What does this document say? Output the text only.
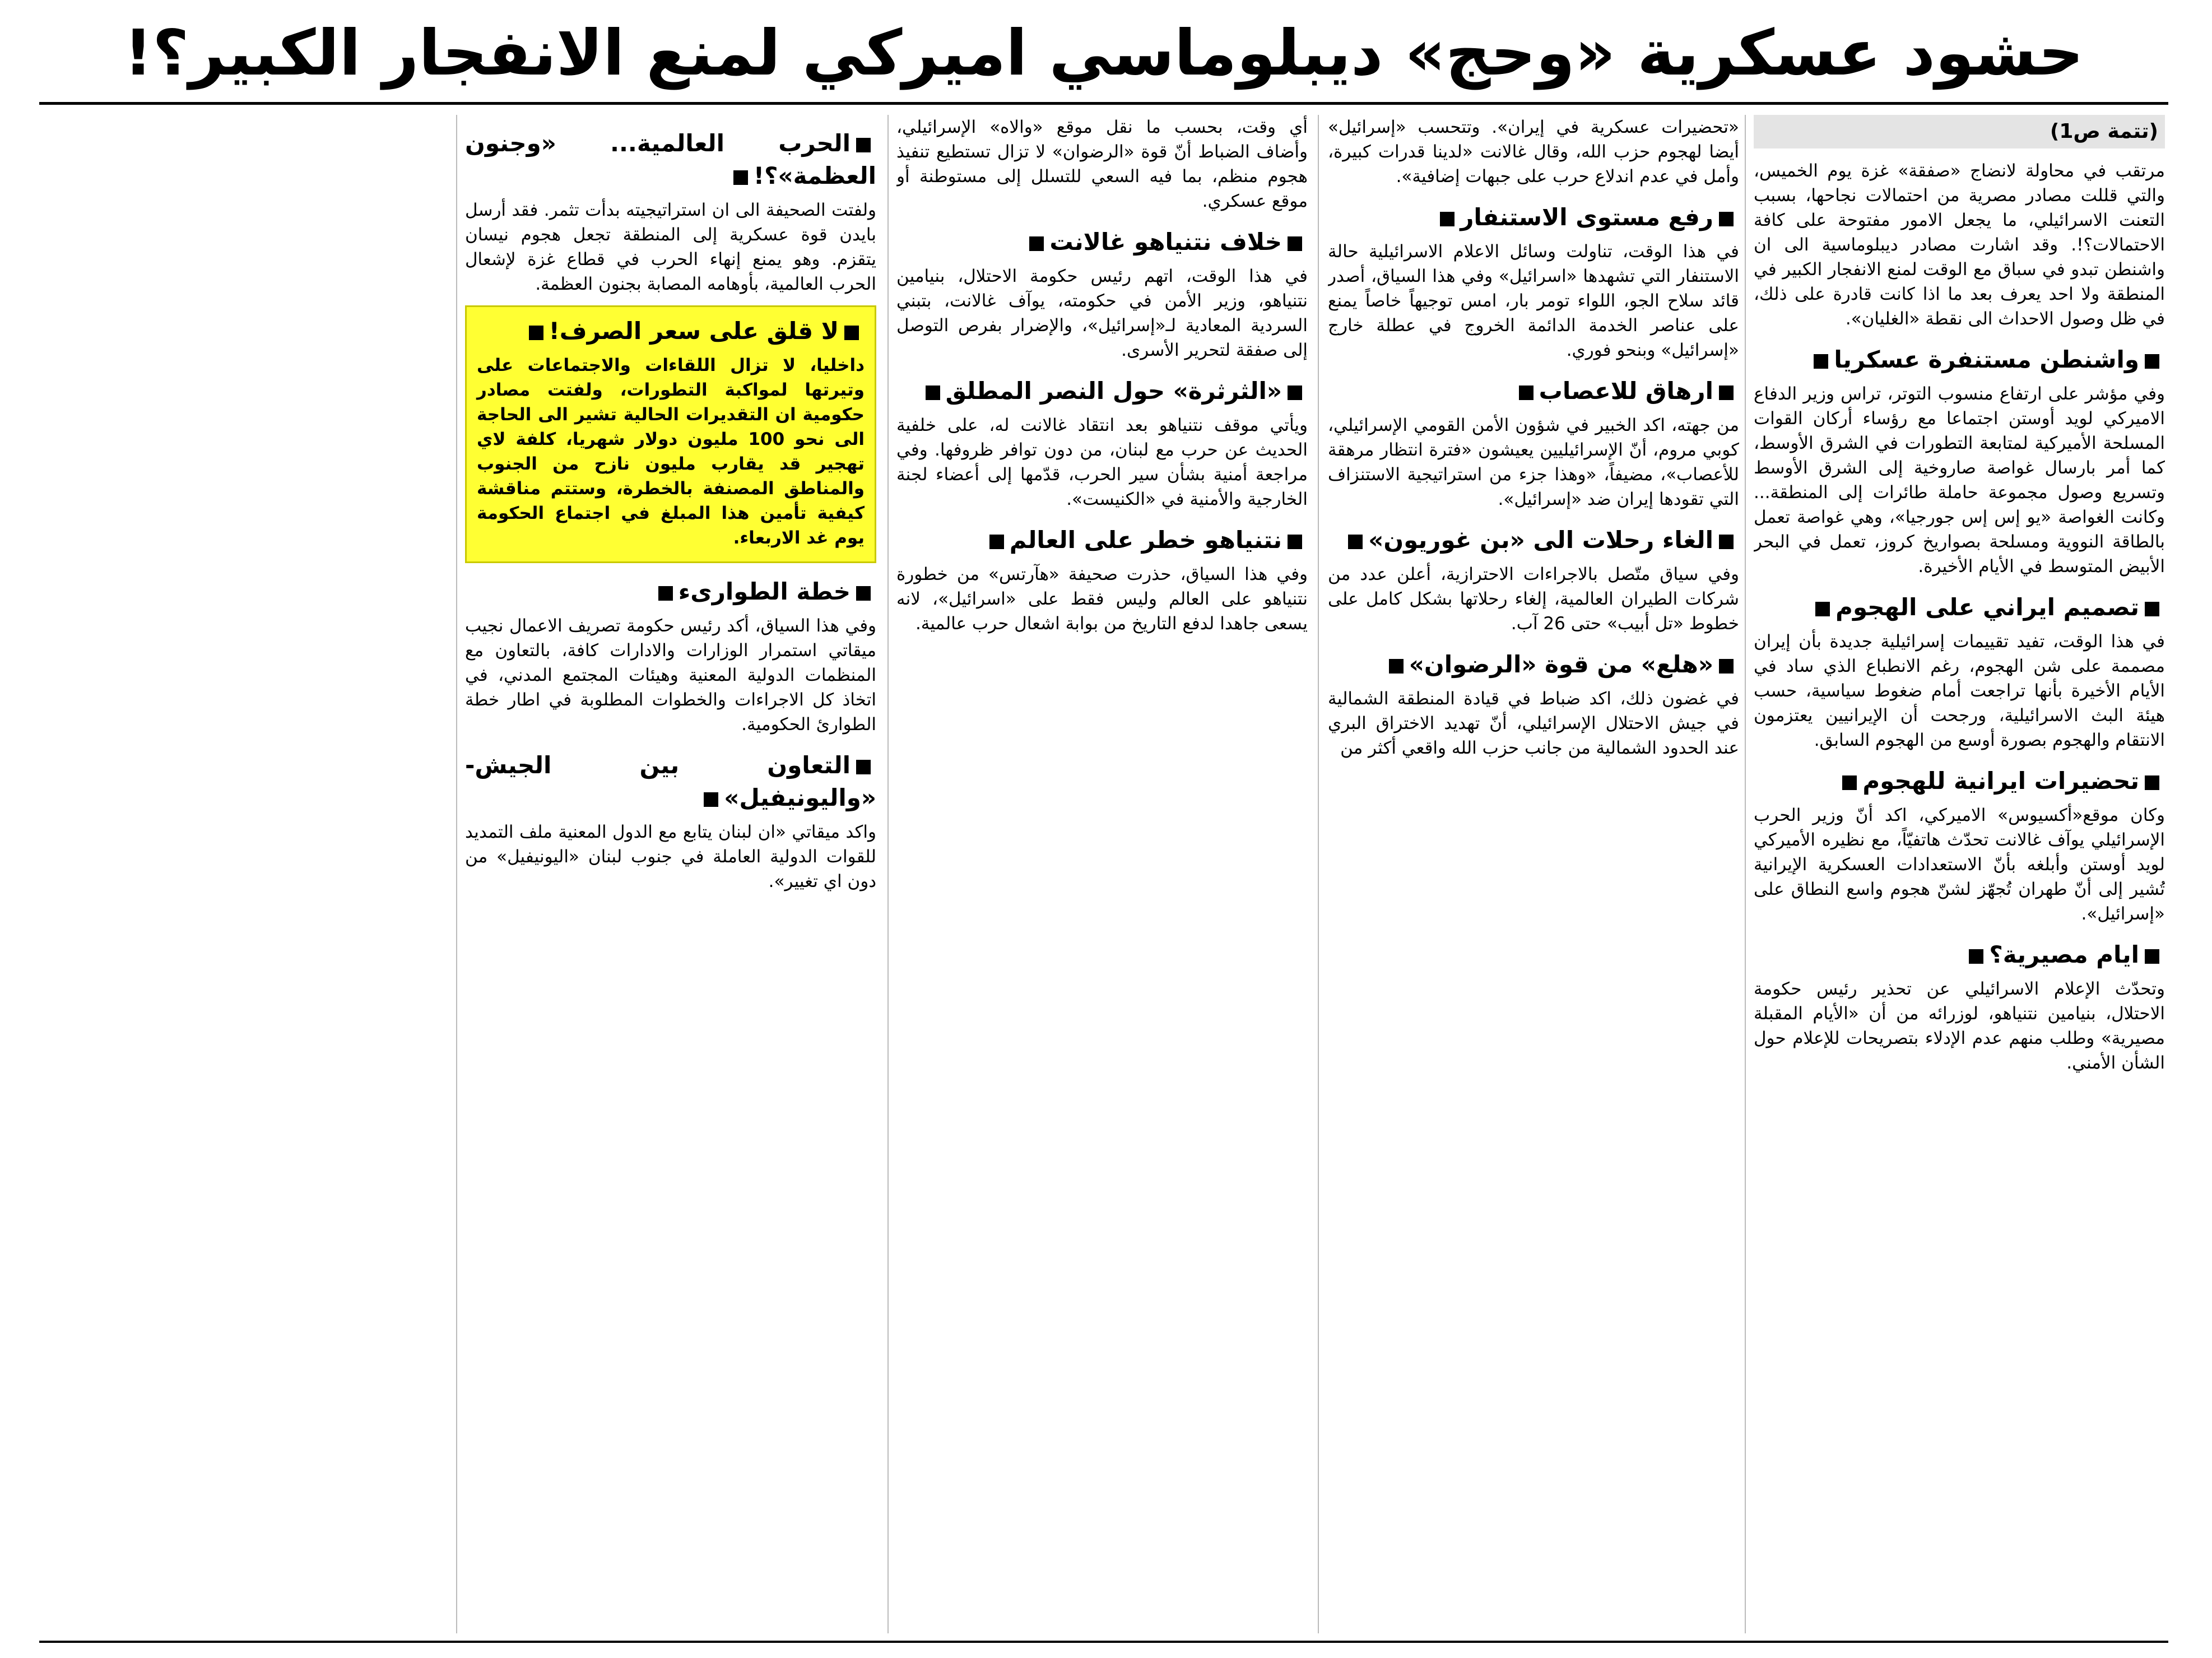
حشود عسكرية «وحج» ديبلوماسي اميركي لمنع الانفجار الكبير؟!
(تتمة ص1)
مرتقب في محاولة لانضاج «صفقة» غزة يوم الخميس، والتي قللت مصادر مصرية من احتمالات نجاحها، بسبب التعنت الاسرائيلي، ما يجعل الامور مفتوحة على كافة الاحتمالات؟!. وقد اشارت مصادر ديبلوماسية الى ان واشنطن تبدو في سباق مع الوقت لمنع الانفجار الكبير في المنطقة ولا احد يعرف بعد ما اذا كانت قادرة على ذلك، في ظل وصول الاحداث الى نقطة «الغليان».
واشنطن مستنفرة عسكريا
وفي مؤشر على ارتفاع منسوب التوتر، تراس وزير الدفاع الاميركي لويد أوستن اجتماعا مع رؤساء أركان القوات المسلحة الأميركية لمتابعة التطورات في الشرق الأوسط، كما أمر بارسال غواصة صاروخية إلى الشرق الأوسط وتسريع وصول مجموعة حاملة طائرات إلى المنطقة... وكانت الغواصة «يو إس إس جورجيا»، وهي غواصة تعمل بالطاقة النووية ومسلحة بصواريخ كروز، تعمل في البحر الأبيض المتوسط في الأيام الأخيرة.
تصميم ايراني على الهجوم
في هذا الوقت، تفيد تقييمات إسرائيلية جديدة بأن إيران مصممة على شن الهجوم، رغم الانطباع الذي ساد في الأيام الأخيرة بأنها تراجعت أمام ضغوط سياسية، حسب هيئة البث الاسرائيلية، ورجحت أن الإيرانيين يعتزمون الانتقام والهجوم بصورة أوسع من الهجوم السابق.
تحضيرات ايرانية للهجوم
وكان موقع«أكسيوس» الاميركي، اكد أنّ وزير الحرب الإسرائيلي يوآف غالانت تحدّث هاتفيّاً، مع نظيره الأميركي لويد أوستن وأبلغه بأنّ الاستعدادات العسكرية الإيرانية تُشير إلى أنّ طهران تُجهّز لشنّ هجوم واسع النطاق على «إسرائيل».
ايام مصيرية؟
وتحدّث الإعلام الاسرائيلي عن تحذير رئيس حكومة الاحتلال، بنيامين نتنياهو، لوزرائه من أن «الأيام المقبلة مصيرية» وطلب منهم عدم الإدلاء بتصريحات للإعلام حول الشأن الأمني.
«تحضيرات عسكرية في إيران». وتتحسب «إسرائيل» أيضا لهجوم حزب الله، وقال غالانت «لدينا قدرات كبيرة، وأمل في عدم اندلاع حرب على جبهات إضافية».
رفع مستوى الاستنفار
في هذا الوقت، تناولت وسائل الاعلام الاسرائيلية حالة الاستنفار التي تشهدها «اسرائيل» وفي هذا السياق، أصدر قائد سلاح الجو، اللواء تومر بار، امس توجيهاً خاصاً يمنع على عناصر الخدمة الدائمة الخروج في عطلة خارج «إسرائيل» وبنحو فوري.
ارهاق للاعصاب
من جهته، اكد الخبير في شؤون الأمن القومي الإسرائيلي، كوبي مروم، أنّ الإسرائيليين يعيشون «فترة انتظار مرهقة للأعصاب»، مضيفاً، «وهذا جزء من استراتيجية الاستنزاف التي تقودها إيران ضد «إسرائيل».
الغاء رحلات الى «بن غوريون»
وفي سياق متّصل بالاجراءات الاحترازية، أعلن عدد من شركات الطيران العالمية، إلغاء رحلاتها بشكل كامل على خطوط «تل أبيب» حتى 26 آب.
«هلع» من قوة «الرضوان»
في غضون ذلك، اكد ضباط في قيادة المنطقة الشمالية في جيش الاحتلال الإسرائيلي، أنّ تهديد الاختراق البري عند الحدود الشمالية من جانب حزب الله واقعي أكثر من
أي وقت، بحسب ما نقل موقع «والاه» الإسرائيلي، وأضاف الضباط أنّ قوة «الرضوان» لا تزال تستطيع تنفيذ هجوم منظم، بما فيه السعي للتسلل إلى مستوطنة أو موقع عسكري.
خلاف نتنياهو غالانت
في هذا الوقت، اتهم رئيس حكومة الاحتلال، بنيامين نتنياهو، وزير الأمن في حكومته، يوآف غالانت، بتبني السردية المعادية لـ«إسرائيل»، والإضرار بفرص التوصل إلى صفقة لتحرير الأسرى.
«الثرثرة» حول النصر المطلق
ويأتي موقف نتنياهو بعد انتقاد غالانت له، على خلفية الحديث عن حرب مع لبنان، من دون توافر ظروفها. وفي مراجعة أمنية بشأن سير الحرب، قدّمها إلى أعضاء لجنة الخارجية والأمنية في «الكنيست».
نتنياهو خطر على العالم
وفي هذا السياق، حذرت صحيفة «هآرتس» من خطورة نتنياهو على العالم وليس فقط على «اسرائيل»، لانه يسعى جاهدا لدفع التاريخ من بوابة اشعال حرب عالمية.
الحرب العالمية... «وجنون العظمة»؟!
ولفتت الصحيفة الى ان استراتيجيته بدأت تثمر. فقد أرسل بايدن قوة عسكرية إلى المنطقة تجعل هجوم نيسان يتقزم. وهو يمنع إنهاء الحرب في قطاع غزة لإشعال الحرب العالمية، بأوهامه المصابة بجنون العظمة.
لا قلق على سعر الصرف!
داخليا، لا تزال اللقاءات والاجتماعات على وتيرتها لمواكبة التطورات، ولفتت مصادر حكومية ان التقديرات الحالية تشير الى الحاجة الى نحو 100 مليون دولار شهريا، كلفة لاي تهجير قد يقارب مليون نازح من الجنوب والمناطق المصنفة بالخطرة، وستتم مناقشة كيفية تأمين هذا المبلغ في اجتماع الحكومة يوم غد الاربعاء.
خطة الطوارىء
وفي هذا السياق، أكد رئيس حكومة تصريف الاعمال نجيب ميقاتي استمرار الوزارات والادارات كافة، بالتعاون مع المنظمات الدولية المعنية وهيئات المجتمع المدني، في اتخاذ كل الاجراءات والخطوات المطلوبة في اطار خطة الطوارئ الحكومية.
التعاون بين الجيش- «واليونيفيل»
واكد ميقاتي «ان لبنان يتابع مع الدول المعنية ملف التمديد للقوات الدولية العاملة في جنوب لبنان «اليونيفيل» من دون اي تغيير».
